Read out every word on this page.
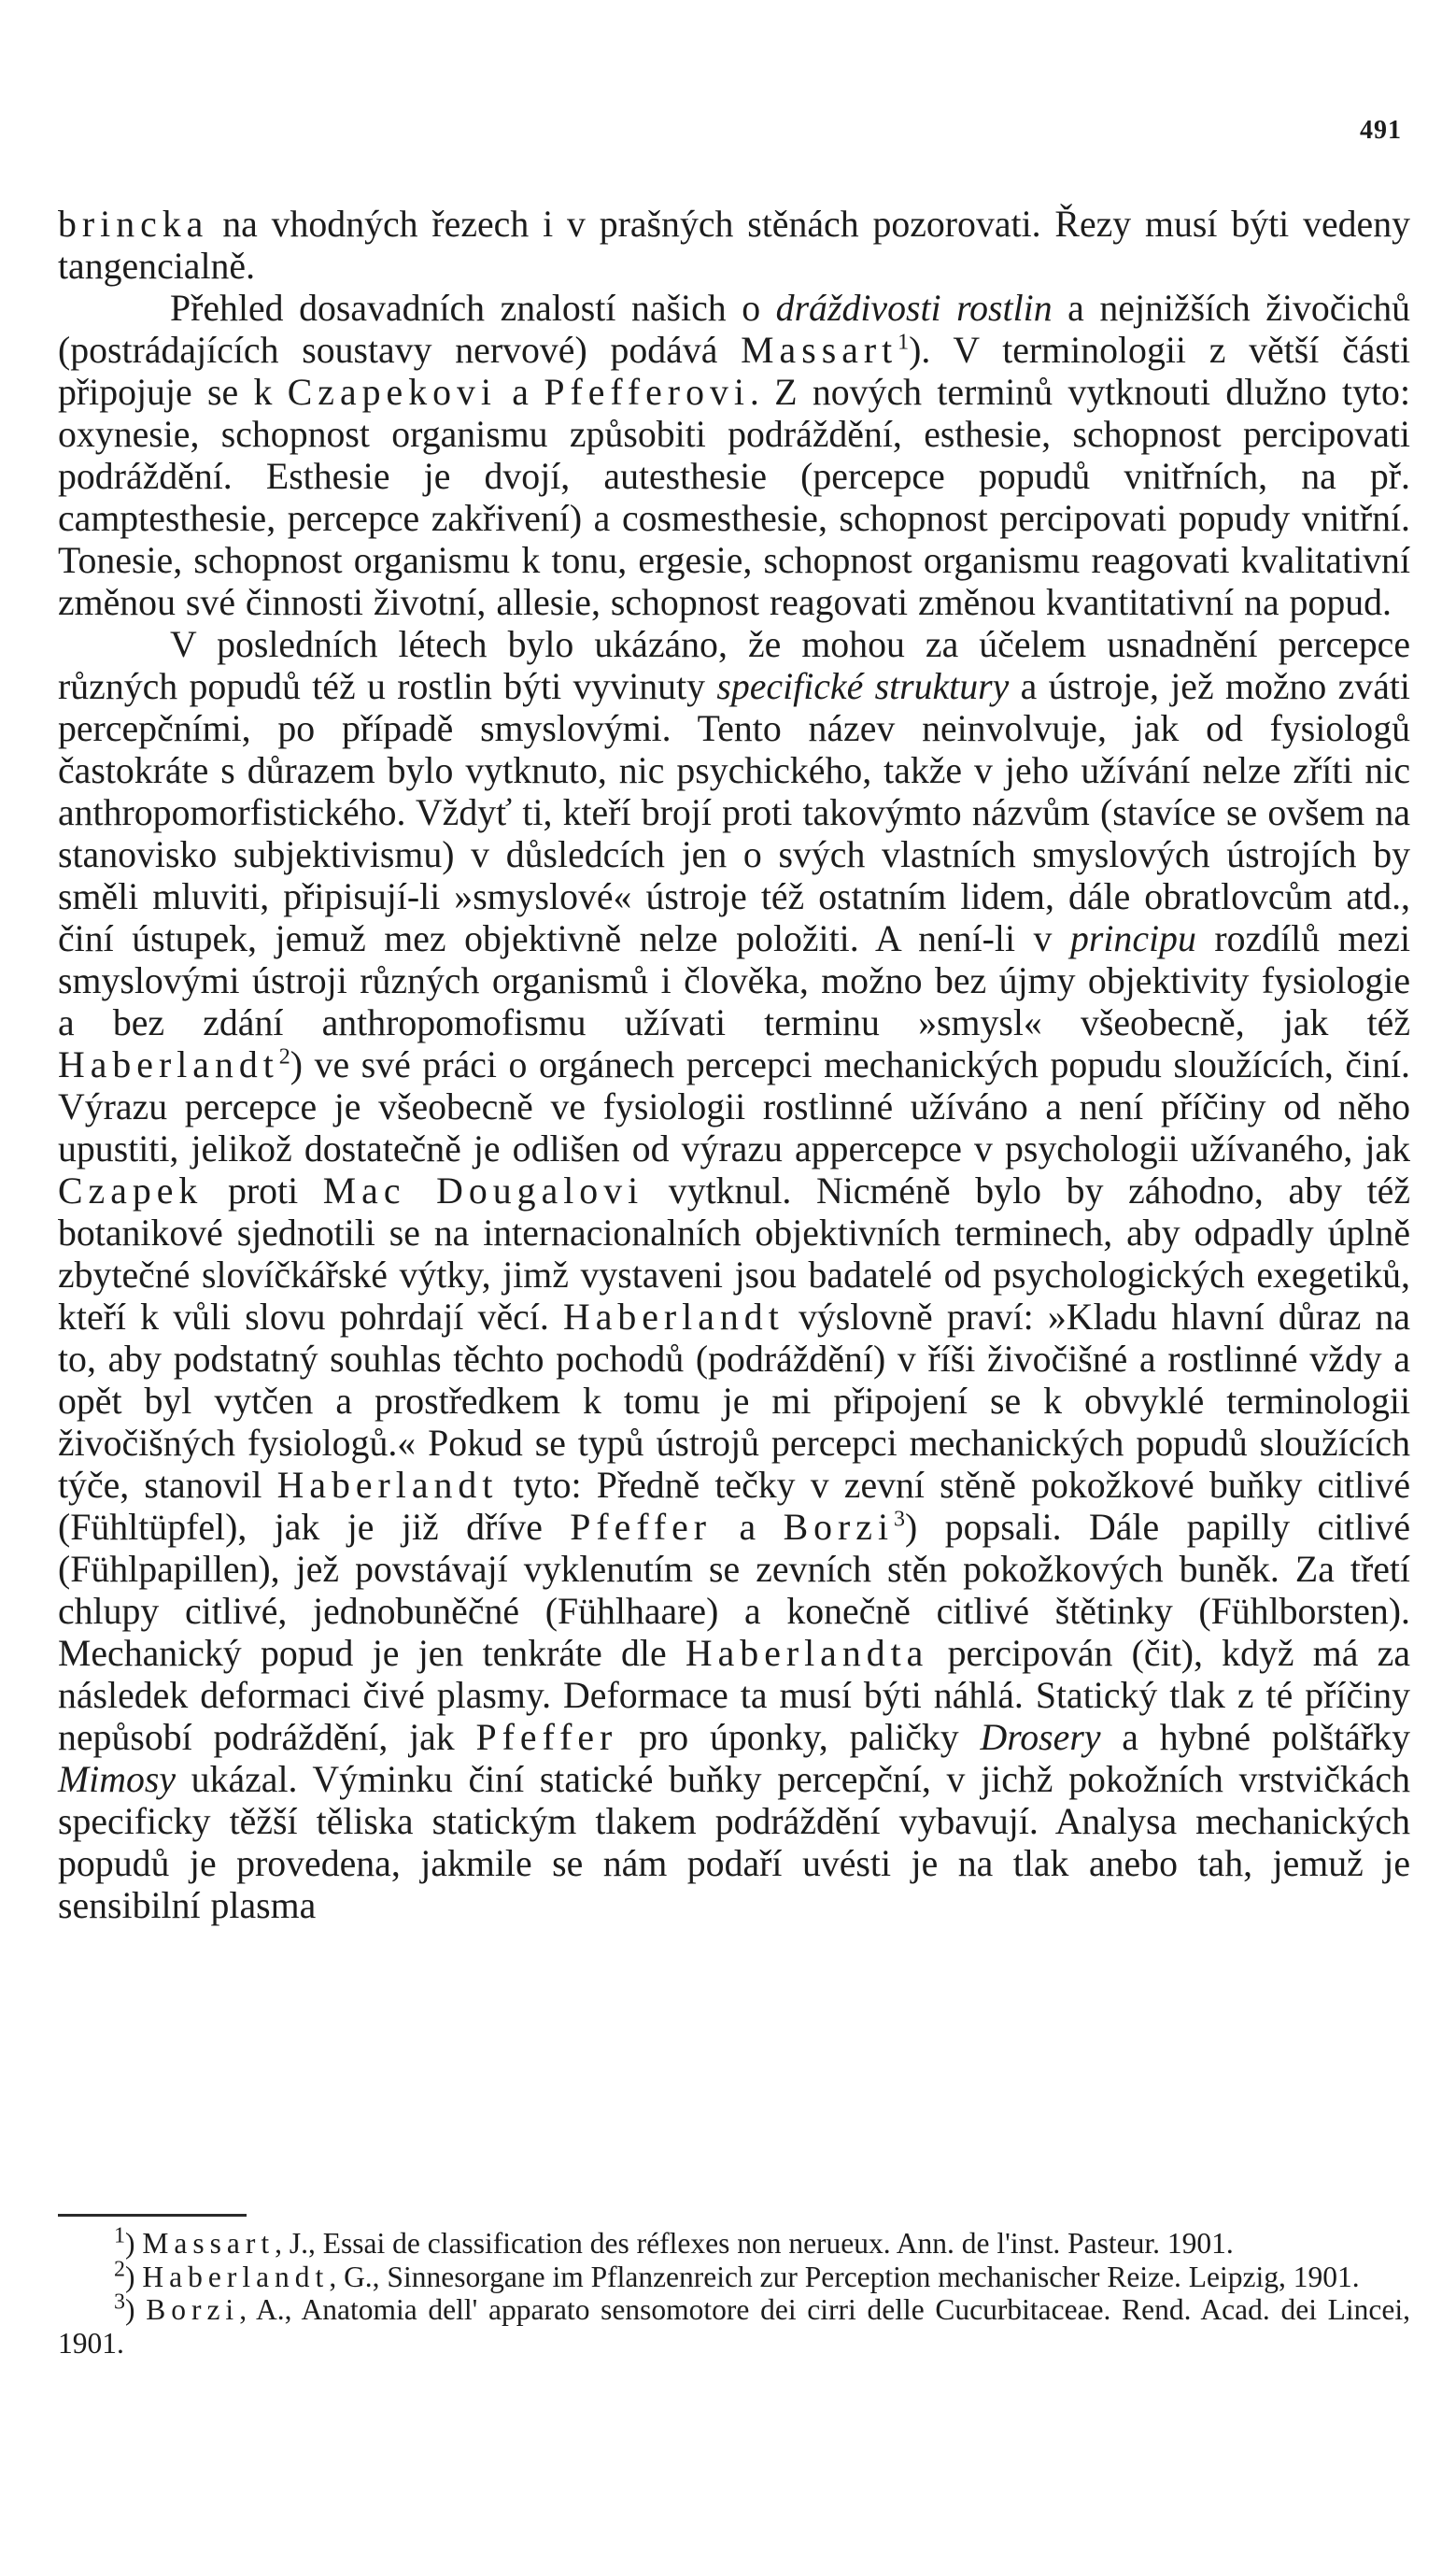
491

brincka na vhodných řezech i v prašných stěnách pozorovati. Řezy musí býti vedeny tangencialně.

Přehled dosavadních znalostí našich o dráždivosti rostlin a nejnižších živočichů (postrádajících soustavy nervové) podává Massart$^1$). V terminologii z větší části připojuje se k Czapekovi a Pfefferovi. Z nových terminů vytknouti dlužno tyto: oxynesie, schopnost organismu způsobiti podráždění, esthesie, schopnost percipovati podráždění. Esthesie je dvojí, autesthesie (percepce popudů vnitřních, na př. camptesthesie, percepce zakřivení) a cosmesthesie, schopnost percipovati popudy vnitřní. Tonesie, schopnost organismu k tonu, ergesie, schopnost organismu reagovati kvalitativní změnou své činnosti životní, allesie, schopnost reagovati změnou kvantitativní na popud.

V posledních létech bylo ukázáno, že mohou za účelem usnadnění percepce různých popudů též u rostlin býti vyvinuty specifické struktury a ústroje, jež možno zváti percepčními, po případě smyslovými. Tento název neinvolvuje, jak od fysiologů častokráte s důrazem bylo vytknuto, nic psychického, takže v jeho užívání nelze zříti nic anthropomorfistického. Vždyť ti, kteří brojí proti takovýmto názvům (stavíce se ovšem na stanovisko subjektivismu) v důsledcích jen o svých vlastních smyslových ústrojích by směli mluviti, připisují-li »smyslové« ústroje též ostatním lidem, dále obratlovcům atd., činí ústupek, jemuž mez objektivně nelze položiti. A není-li v principu rozdílů mezi smyslovými ústroji různých organismů i člověka, možno bez újmy objektivity fysiologie a bez zdání anthropomofismu užívati terminu »smysl« všeobecně, jak též Haberlandt$^2$) ve své práci o orgánech percepci mechanických popudu sloužících, činí. Výrazu percepce je všeobecně ve fysiologii rostlinné užíváno a není příčiny od něho upustiti, jelikož dostatečně je odlišen od výrazu appercepce v psychologii užívaného, jak Czapek proti Mac Dougalovi vytknul. Nicméně bylo by záhodno, aby též botanikové sjednotili se na internacionalních objektivních terminech, aby odpadly úplně zbytečné slovíčkářské výtky, jimž vystaveni jsou badatelé od psychologických exegetiků, kteří k vůli slovu pohrdají věcí. Haberlandt výslovně praví: »Kladu hlavní důraz na to, aby podstatný souhlas těchto pochodů (podráždění) v říši živočišné a rostlinné vždy a opět byl vytčen a prostředkem k tomu je mi připojení se k obvyklé terminologii živočišných fysiologů.« Pokud se typů ústrojů percepci mechanických popudů sloužících týče, stanovil Haberlandt tyto: Předně tečky v zevní stěně pokožkové buňky citlivé (Fühltüpfel), jak je již dříve Pfeffer a Borzi$^3$) popsali. Dále papilly citlivé (Fühlpapillen), jež povstávají vyklenutím se zevních stěn pokožkových buněk. Za třetí chlupy citlivé, jednobuněčné (Fühlhaare) a konečně citlivé štětinky (Fühlborsten). Mechanický popud je jen tenkráte dle Haberlandta percipován (čit), když má za následek deformaci čivé plasmy. Deformace ta musí býti náhlá. Statický tlak z té příčiny nepůsobí podráždění, jak Pfeffer pro úponky, paličky Drosery a hybné polštářky Mimosy ukázal. Výminku činí statické buňky percepční, v jichž pokožních vrstvičkách specificky těžší těliska statickým tlakem podráždění vybavují. Analysa mechanických popudů je provedena, jakmile se nám podaří uvésti je na tlak anebo tah, jemuž je sensibilní plasma

$^1$) Massart, J., Essai de classification des réflexes non nerueux. Ann. de l'inst. Pasteur. 1901.

$^2$) Haberlandt, G., Sinnesorgane im Pflanzenreich zur Perception mechanischer Reize. Leipzig, 1901.

$^3$) Borzi, A., Anatomia dell' apparato sensomotore dei cirri delle Cucurbitaceae. Rend. Acad. dei Lincei, 1901.
